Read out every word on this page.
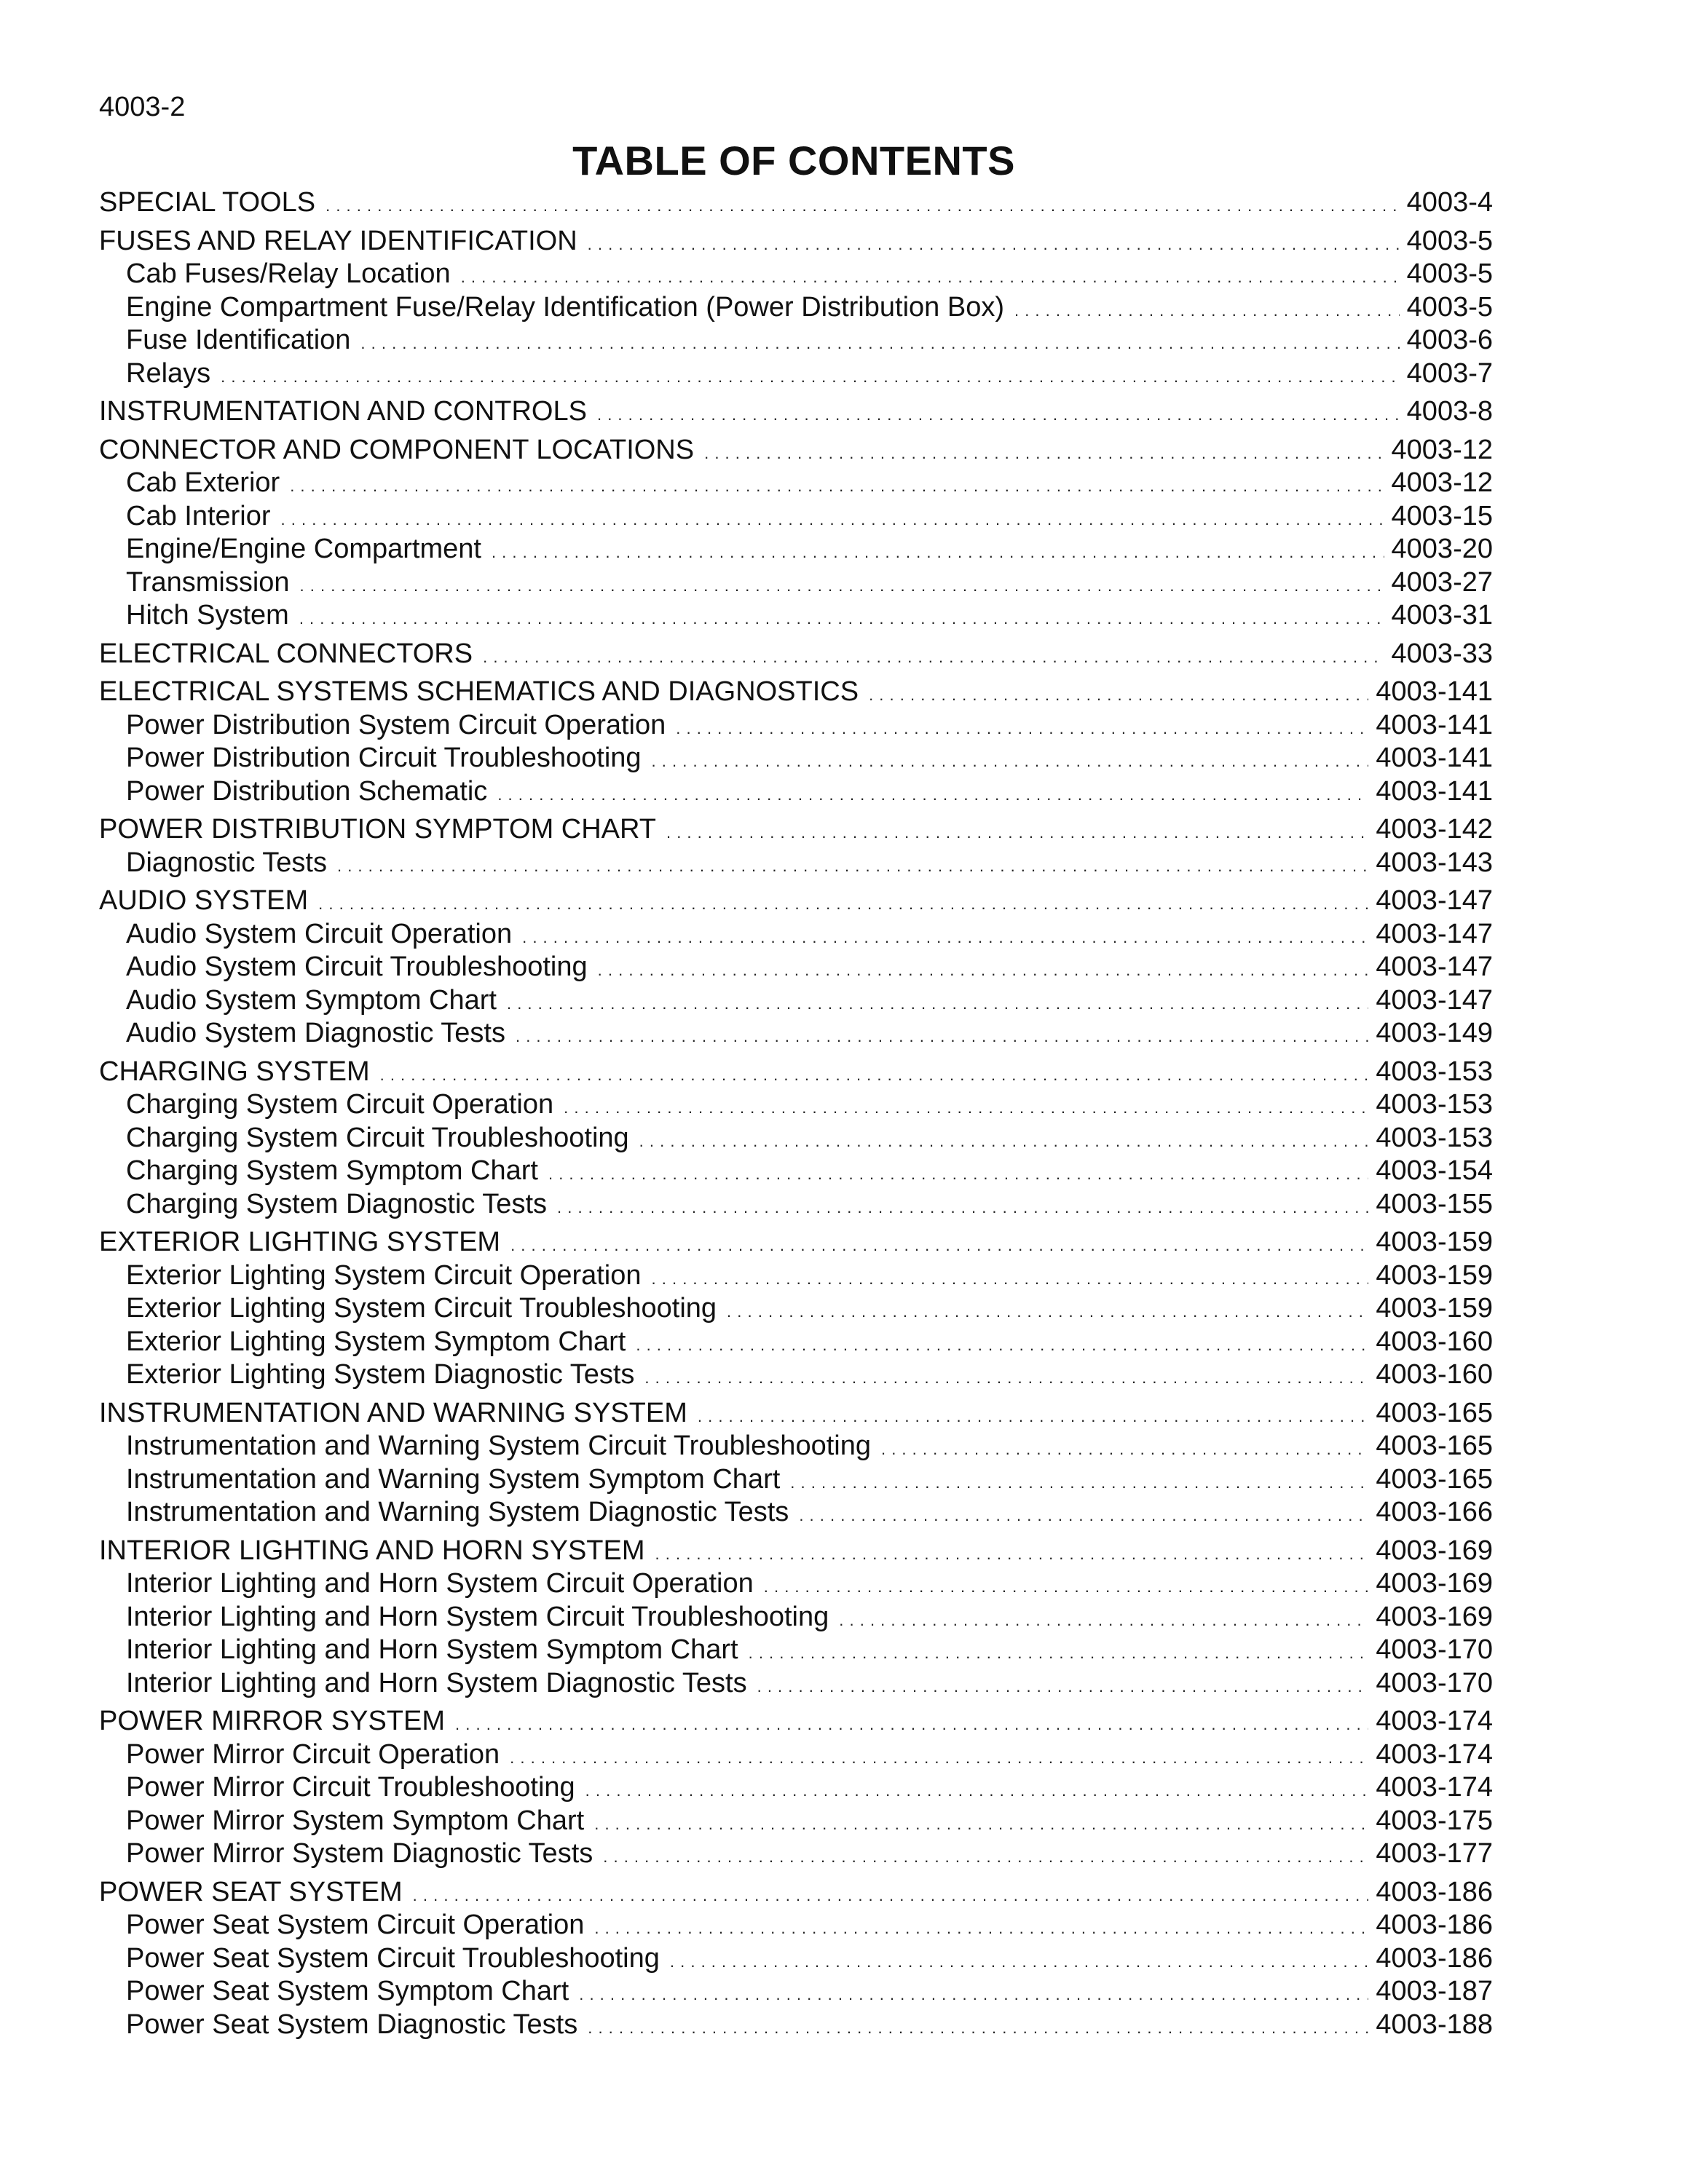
4003-2
TABLE OF CONTENTS
SPECIAL TOOLS . . .	4003-4
FUSES AND RELAY IDENTIFICATION . . .	4003-5
Cab Fuses/Relay Location . . .	4003-5
Engine Compartment Fuse/Relay Identification (Power Distribution Box) . . .	4003-5
Fuse Identification . . .	4003-6
Relays . . .	4003-7
INSTRUMENTATION AND CONTROLS . . .	4003-8
CONNECTOR AND COMPONENT LOCATIONS . . .	4003-12
Cab Exterior . . .	4003-12
Cab Interior . . .	4003-15
Engine/Engine Compartment . . .	4003-20
Transmission . . .	4003-27
Hitch System . . .	4003-31
ELECTRICAL CONNECTORS . . .	4003-33
ELECTRICAL SYSTEMS SCHEMATICS AND DIAGNOSTICS . . .	4003-141
Power Distribution System Circuit Operation . . .	4003-141
Power Distribution Circuit Troubleshooting . . .	4003-141
Power Distribution Schematic . . .	4003-141
POWER DISTRIBUTION SYMPTOM CHART . . .	4003-142
Diagnostic Tests . . .	4003-143
AUDIO SYSTEM . . .	4003-147
Audio System Circuit Operation . . .	4003-147
Audio System Circuit Troubleshooting . . .	4003-147
Audio System Symptom Chart . . .	4003-147
Audio System Diagnostic Tests . . .	4003-149
CHARGING SYSTEM . . .	4003-153
Charging System Circuit Operation . . .	4003-153
Charging System Circuit Troubleshooting . . .	4003-153
Charging System Symptom Chart . . .	4003-154
Charging System Diagnostic Tests . . .	4003-155
EXTERIOR LIGHTING SYSTEM . . .	4003-159
Exterior Lighting System Circuit Operation . . .	4003-159
Exterior Lighting System Circuit Troubleshooting . . .	4003-159
Exterior Lighting System Symptom Chart . . .	4003-160
Exterior Lighting System Diagnostic Tests . . .	4003-160
INSTRUMENTATION AND WARNING SYSTEM . . .	4003-165
Instrumentation and Warning System Circuit Troubleshooting . . .	4003-165
Instrumentation and Warning System Symptom Chart . . .	4003-165
Instrumentation and Warning System Diagnostic Tests . . .	4003-166
INTERIOR LIGHTING AND HORN SYSTEM . . .	4003-169
Interior Lighting and Horn System Circuit Operation . . .	4003-169
Interior Lighting and Horn System Circuit Troubleshooting . . .	4003-169
Interior Lighting and Horn System Symptom Chart . . .	4003-170
Interior Lighting and Horn System Diagnostic Tests . . .	4003-170
POWER MIRROR SYSTEM . . .	4003-174
Power Mirror Circuit Operation . . .	4003-174
Power Mirror Circuit Troubleshooting . . .	4003-174
Power Mirror System Symptom Chart . . .	4003-175
Power Mirror System Diagnostic Tests . . .	4003-177
POWER SEAT SYSTEM . . .	4003-186
Power Seat System Circuit Operation . . .	4003-186
Power Seat System Circuit Troubleshooting . . .	4003-186
Power Seat System Symptom Chart . . .	4003-187
Power Seat System Diagnostic Tests . . .	4003-188
